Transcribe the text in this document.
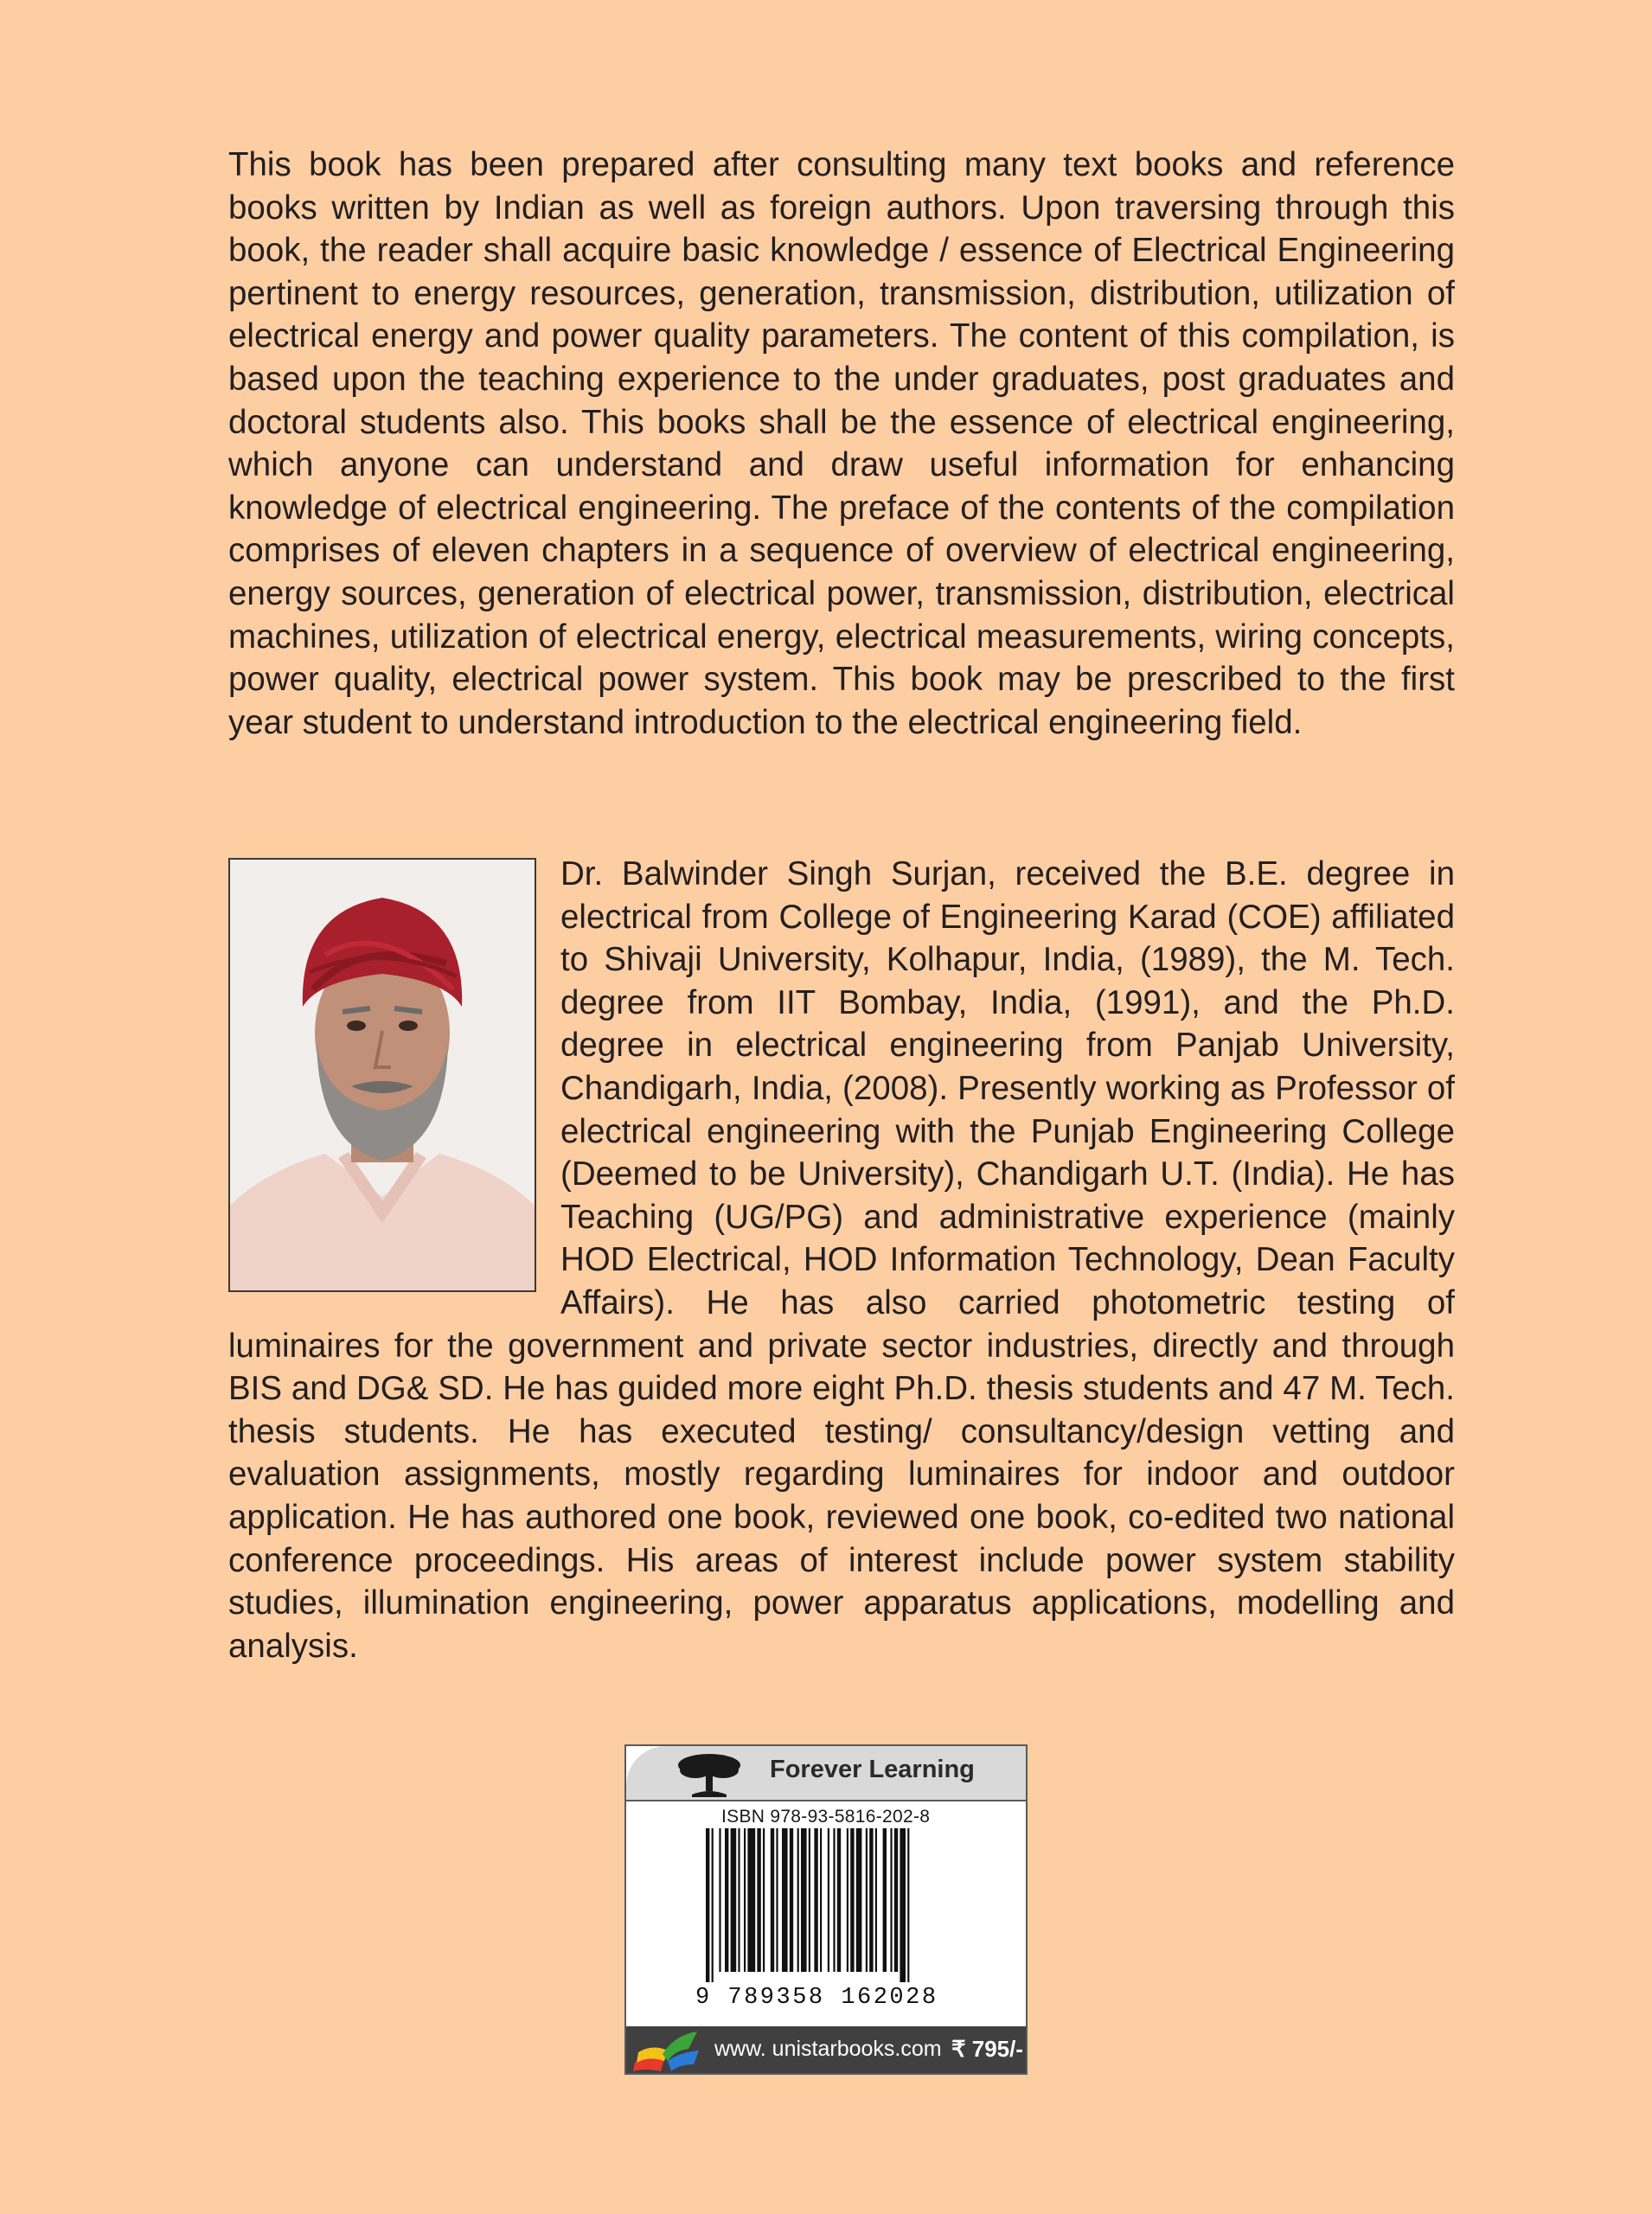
This book has been prepared after consulting many text books and reference books written by Indian as well as foreign authors. Upon traversing through this book, the reader shall acquire basic knowledge / essence of Electrical Engineering pertinent to energy resources, generation, transmission, distribution, utilization of electrical energy and power quality parameters. The content of this compilation, is based upon the teaching experience to the under graduates, post graduates and doctoral students also. This books shall be the essence of electrical engineering, which anyone can understand and draw useful information for enhancing knowledge of electrical engineering. The preface of the contents of the compilation comprises of eleven chapters in a sequence of overview of electrical engineering, energy sources, generation of electrical power, transmission, distribution, electrical machines, utilization of electrical energy, electrical measurements, wiring concepts, power quality, electrical power system. This book may be prescribed to the first year student to understand introduction to the electrical engineering field.

Dr. Balwinder Singh Surjan, received the B.E. degree in electrical from College of Engineering Karad (COE) affiliated to Shivaji University, Kolhapur, India, (1989), the M. Tech. degree from IIT Bombay, India, (1991), and the Ph.D. degree in electrical engineering from Panjab University, Chandigarh, India, (2008). Presently working as Professor of electrical engineering with the Punjab Engineering College (Deemed to be University), Chandigarh U.T. (India). He has Teaching (UG/PG) and administrative experience (mainly HOD Electrical, HOD Information Technology, Dean Faculty Affairs). He has also carried photometric testing of luminaires for the government and private sector industries, directly and through BIS and DG& SD. He has guided more eight Ph.D. thesis students and 47 M. Tech. thesis students. He has executed testing/ consultancy/design vetting and evaluation assignments, mostly regarding luminaires for indoor and outdoor application. He has authored one book, reviewed one book, co-edited two national conference proceedings. His areas of interest include power system stability studies, illumination engineering, power apparatus applications, modelling and analysis.

Forever Learning
ISBN 978-93-5816-202-8
9 789358 162028
www. unistarbooks.com ₹ 795/-
